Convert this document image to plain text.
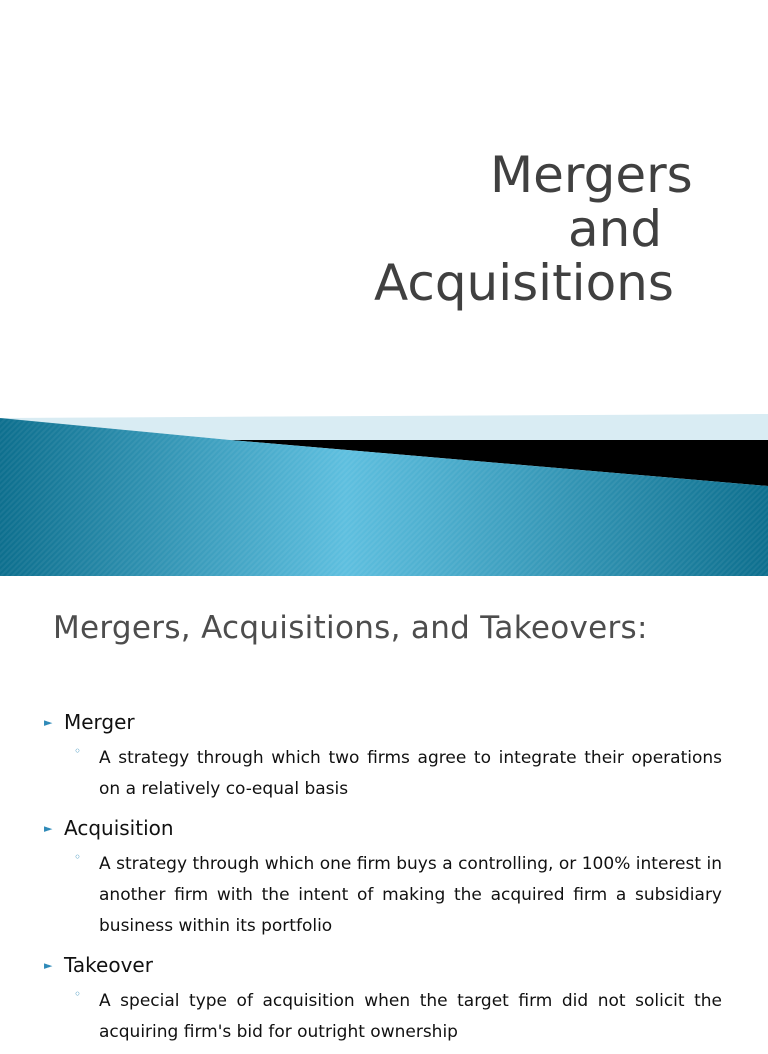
Mergers
and
Acquisitions
Mergers, Acquisitions, and Takeovers:
► Merger
◦ A strategy through which two firms agree to integrate their operations on a relatively co-equal basis
► Acquisition
◦ A strategy through which one firm buys a controlling, or 100% interest in another firm with the intent of making the acquired firm a subsidiary business within its portfolio
► Takeover
◦ A special type of acquisition when the target firm did not solicit the acquiring firm's bid for outright ownership
